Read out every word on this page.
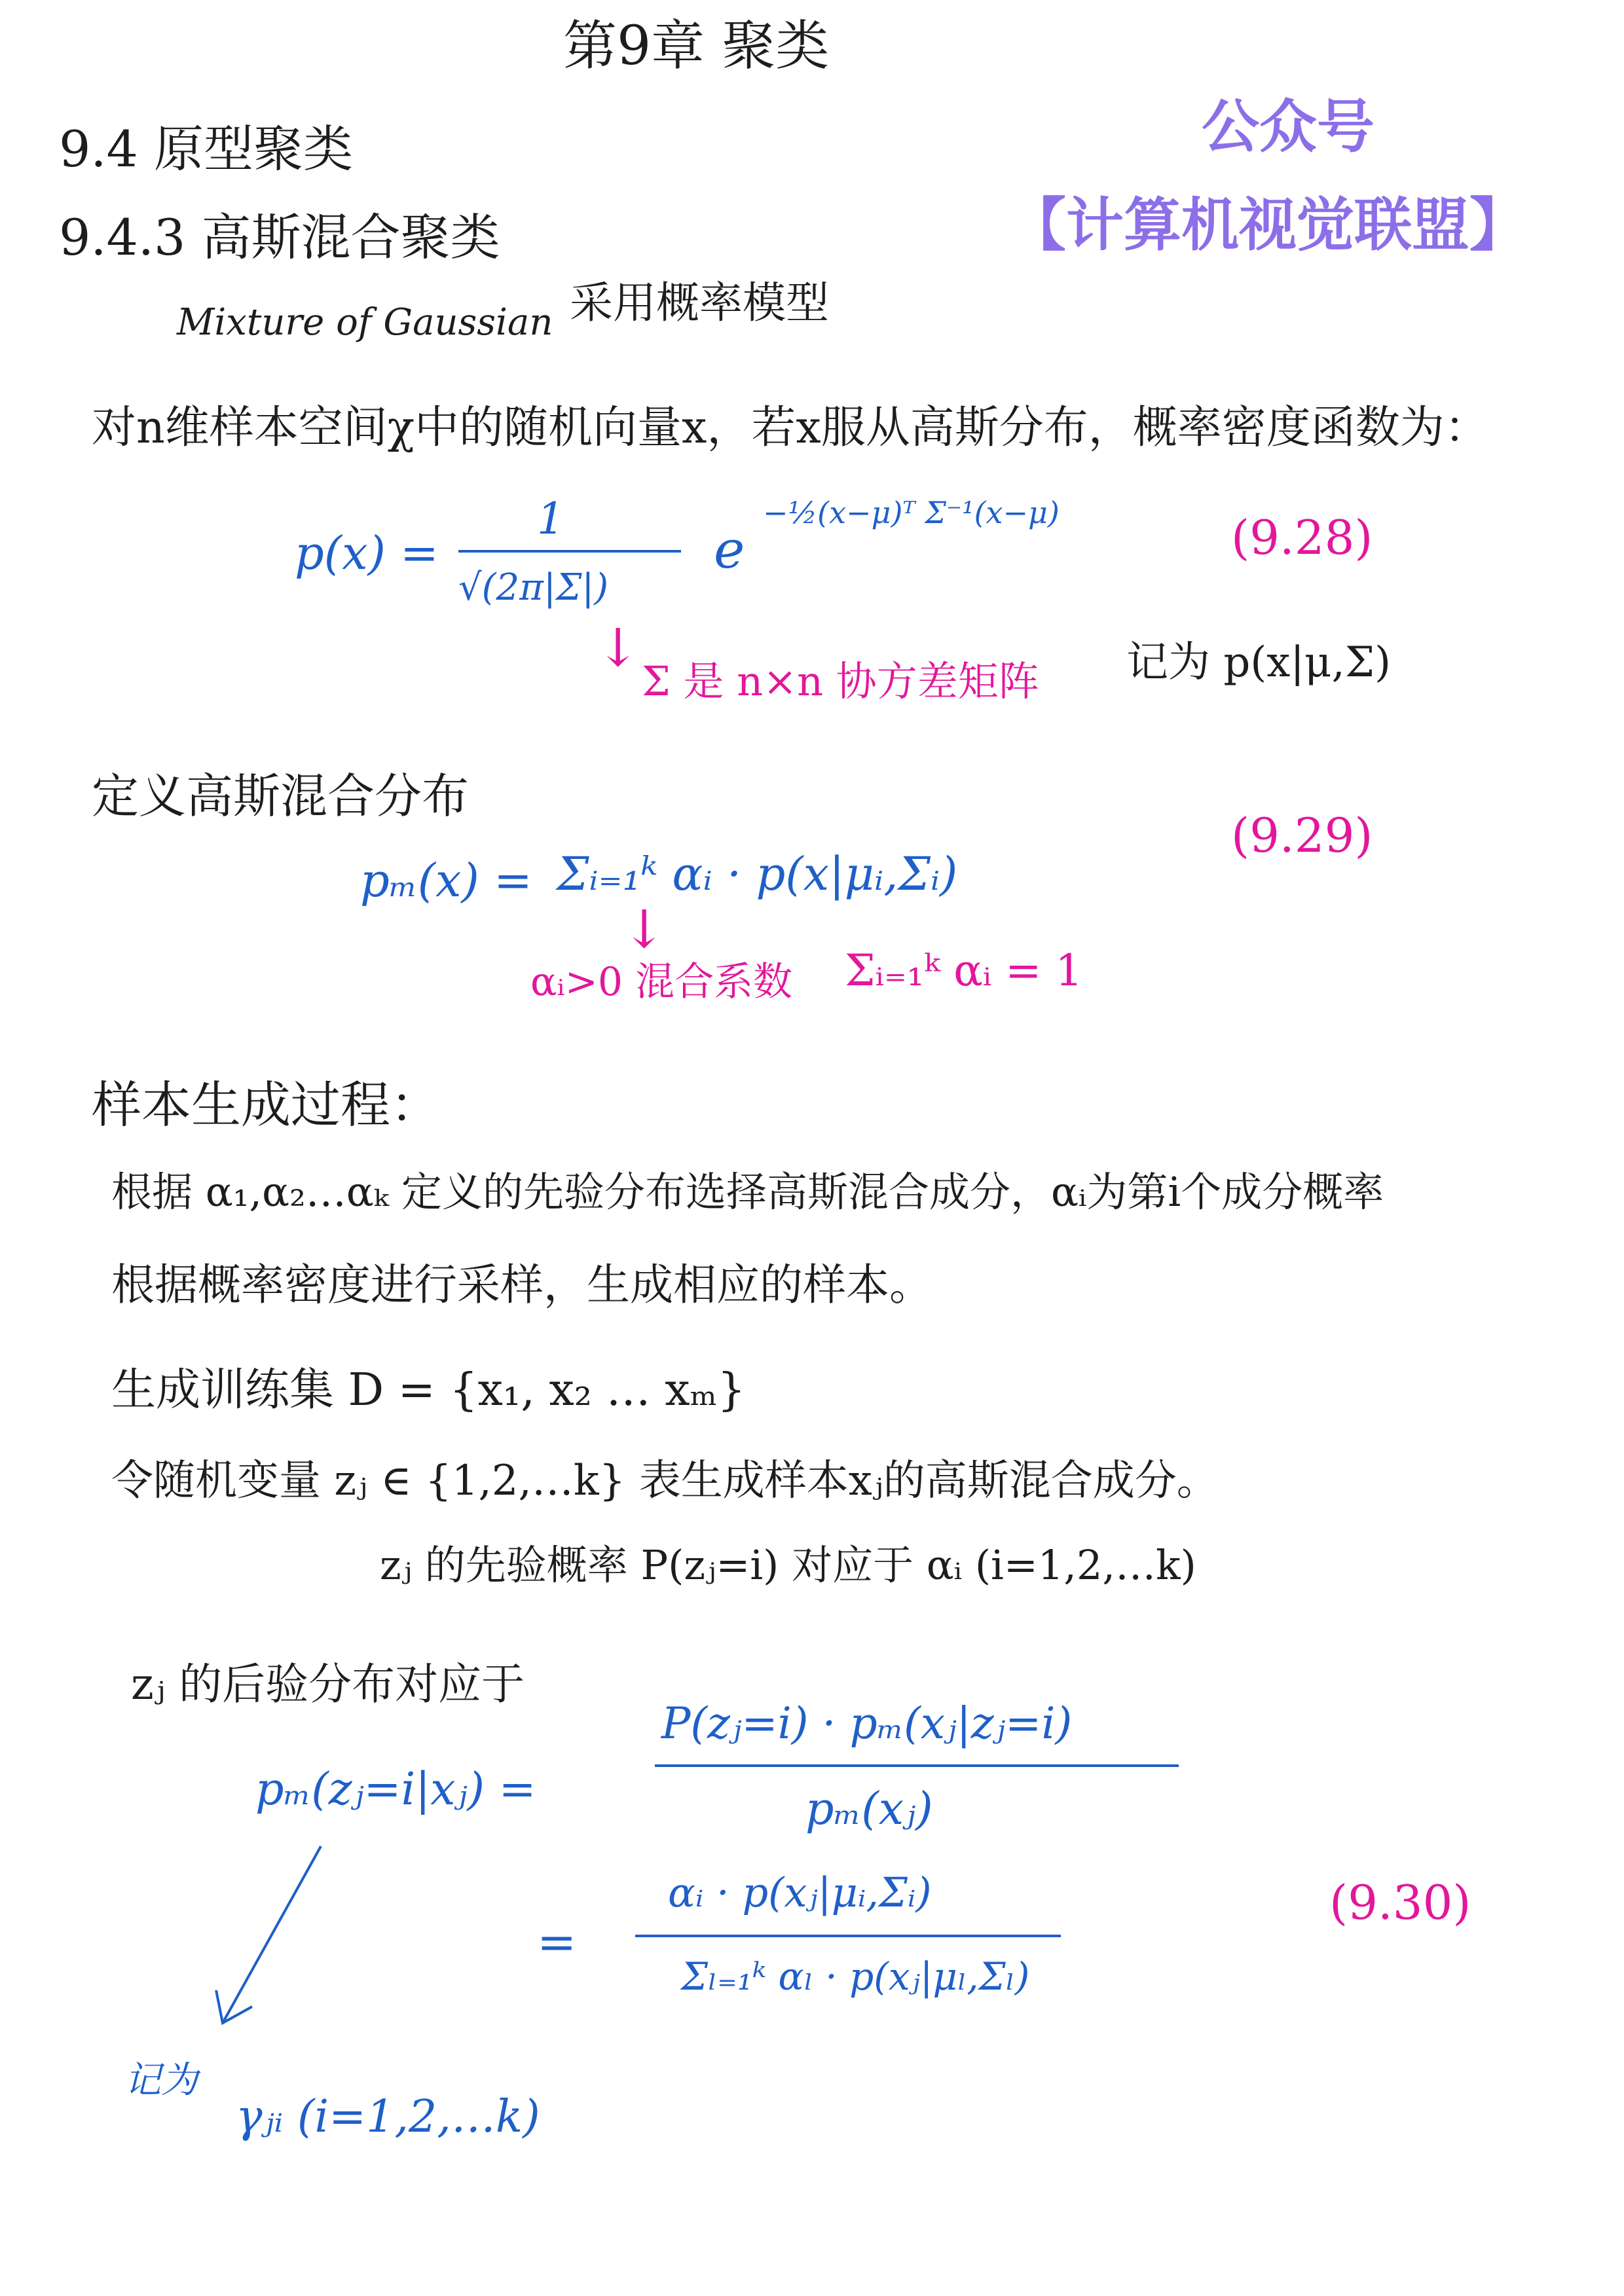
第9章 聚类
公众号
【计算机视觉联盟】
9.4 原型聚类
9.4.3 高斯混合聚类
Mixture of Gaussian 采用概率模型
对n维样本空间χ中的随机向量x，若x服从高斯分布，概率密度函数为：
p(x) =
1
√(2π|Σ|)
e
−½(x−μ)ᵀ Σ⁻¹(x−μ)	(9.28)
↓
Σ 是 n×n 协方差矩阵 记为 p(x|μ,Σ)
定义高斯混合分布
pₘ(x) = Σᵢ₌₁ᵏ αᵢ · p(x|μᵢ,Σᵢ)
(9.29)
↓
αᵢ>0 混合系数 Σᵢ₌₁ᵏ αᵢ = 1
样本生成过程：
根据 α₁,α₂…αₖ 定义的先验分布选择高斯混合成分，αᵢ为第i个成分概率
根据概率密度进行采样，生成相应的样本。
生成训练集 D = {x₁, x₂ … xₘ}
令随机变量 zⱼ ∈ {1,2,…k} 表生成样本xⱼ的高斯混合成分。
zⱼ 的先验概率 P(zⱼ=i) 对应于 αᵢ (i=1,2,…k)
zⱼ 的后验分布对应于
pₘ(zⱼ=i|xⱼ) =
P(zⱼ=i) · pₘ(xⱼ|zⱼ=i)
pₘ(xⱼ)
=
αᵢ · p(xⱼ|μᵢ,Σᵢ)
Σₗ₌₁ᵏ αₗ · p(xⱼ|μₗ,Σₗ)
(9.30)
记为
γⱼᵢ (i=1,2,…k)
